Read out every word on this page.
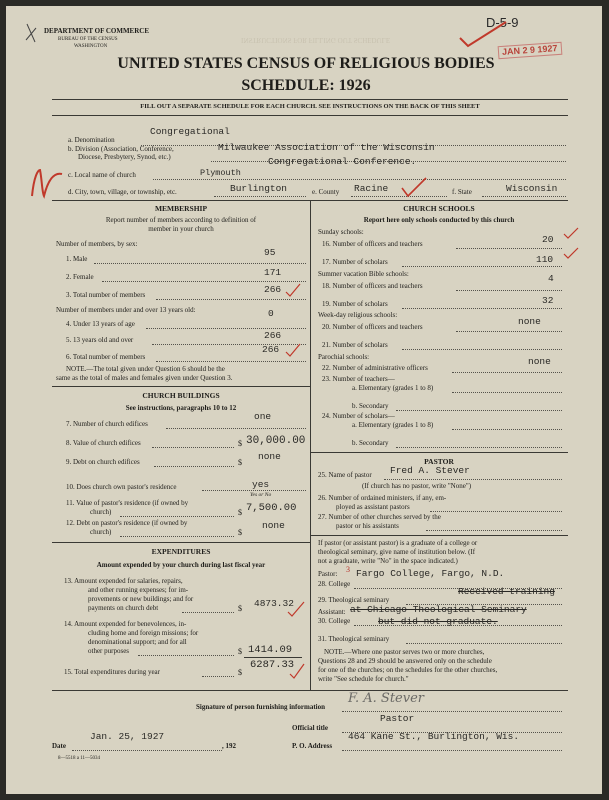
INSTRUCTIONS FOR FILLING OUT SCHEDULE
DEPARTMENT OF COMMERCE
BUREAU OF THE CENSUS
WASHINGTON
UNITED STATES CENSUS OF RELIGIOUS BODIES
SCHEDULE: 1926
D-5-9
JAN 2 9 1927
FILL OUT A SEPARATE SCHEDULE FOR EACH CHURCH. SEE INSTRUCTIONS ON THE BACK OF THIS SHEET
a. Denomination
Congregational
b. Division (Association, Conference,
Diocese, Presbytery, Synod, etc.)
Milwaukee Association of the Wisconsin
Congregational Conference.
c. Local name of church	Plymouth
d. City, town, village, or township, etc.	Burlington	e. County Racine	f. State	Wisconsin
MEMBERSHIP
Report number of members according to definition of
member in your church
Number of members, by sex:
1. Male
95
2. Female	171
3. Total number of members	266
Number of members under and over 13 years old:
4. Under 13 years of age
0
5. 13 years old and over	266
6. Total number of members
266
NOTE.—The total given under Question 6 should be the
same as the total of males and females given under Question 3.
CHURCH BUILDINGS
See instructions, paragraphs 10 to 12
7. Number of church edifices
one
8. Value of church edifices	$ 30,000.00
9. Debt on church edifices	$
none
10. Does church own pastor's residence	yes
Yes or No
11. Value of pastor's residence (if owned by
church)	$ 7,500.00
12. Debt on pastor's residence (if owned by
church)	$
none
EXPENDITURES
Amount expended by your church during last fiscal year
13. Amount expended for salaries, repairs,
and other running expenses; for im-
provements or new buildings; and for
payments on church debt	$ 4873.32
14. Amount expended for benevolences, in-
cluding home and foreign missions; for
denominational support; and for all
other purposes	$ 1414.09
15. Total expenditures during year	$
6287.33
CHURCH SCHOOLS
Report here only schools conducted by this church
Sunday schools:
16. Number of officers and teachers	20
17. Number of scholars	110
Summer vacation Bible schools:
18. Number of officers and teachers
4
19. Number of scholars	32
Week-day religious schools:
20. Number of officers and teachers	none
21. Number of scholars
Parochial schools:
22. Number of administrative officers
none
23. Number of teachers—
a. Elementary (grades 1 to 8)
b. Secondary
24. Number of scholars—
a. Elementary (grades 1 to 8)
b. Secondary
PASTOR
25. Name of pastor Fred A. Stever
(If church has no pastor, write "None")
26. Number of ordained ministers, if any, em-
ployed as assistant pastors
27. Number of other churches served by the
pastor or his assistants
If pastor (or assistant pastor) is a graduate of a college or
theological seminary, give name of institution below. (If
not a graduate, write "No" in the space indicated.)
Pastor: 3
28. College
Fargo College, Fargo, N.D.
29. Theological seminary
Received training
Assistant: at Chicago Theological Seminary
30. College	but did not graduate.
31. Theological seminary
NOTE.—Where one pastor serves two or more churches,
Questions 28 and 29 should be answered only on the schedule
for one of the churches; on the schedules for the other churches,
write "See schedule for church."
Signature of person furnishing information
F. A. Stever
Official title
Pastor
Date
Jan. 25, 1927
, 192
8—5518 a 11—5034
P. O. Address
464 Kane St., Burlington, Wis.
